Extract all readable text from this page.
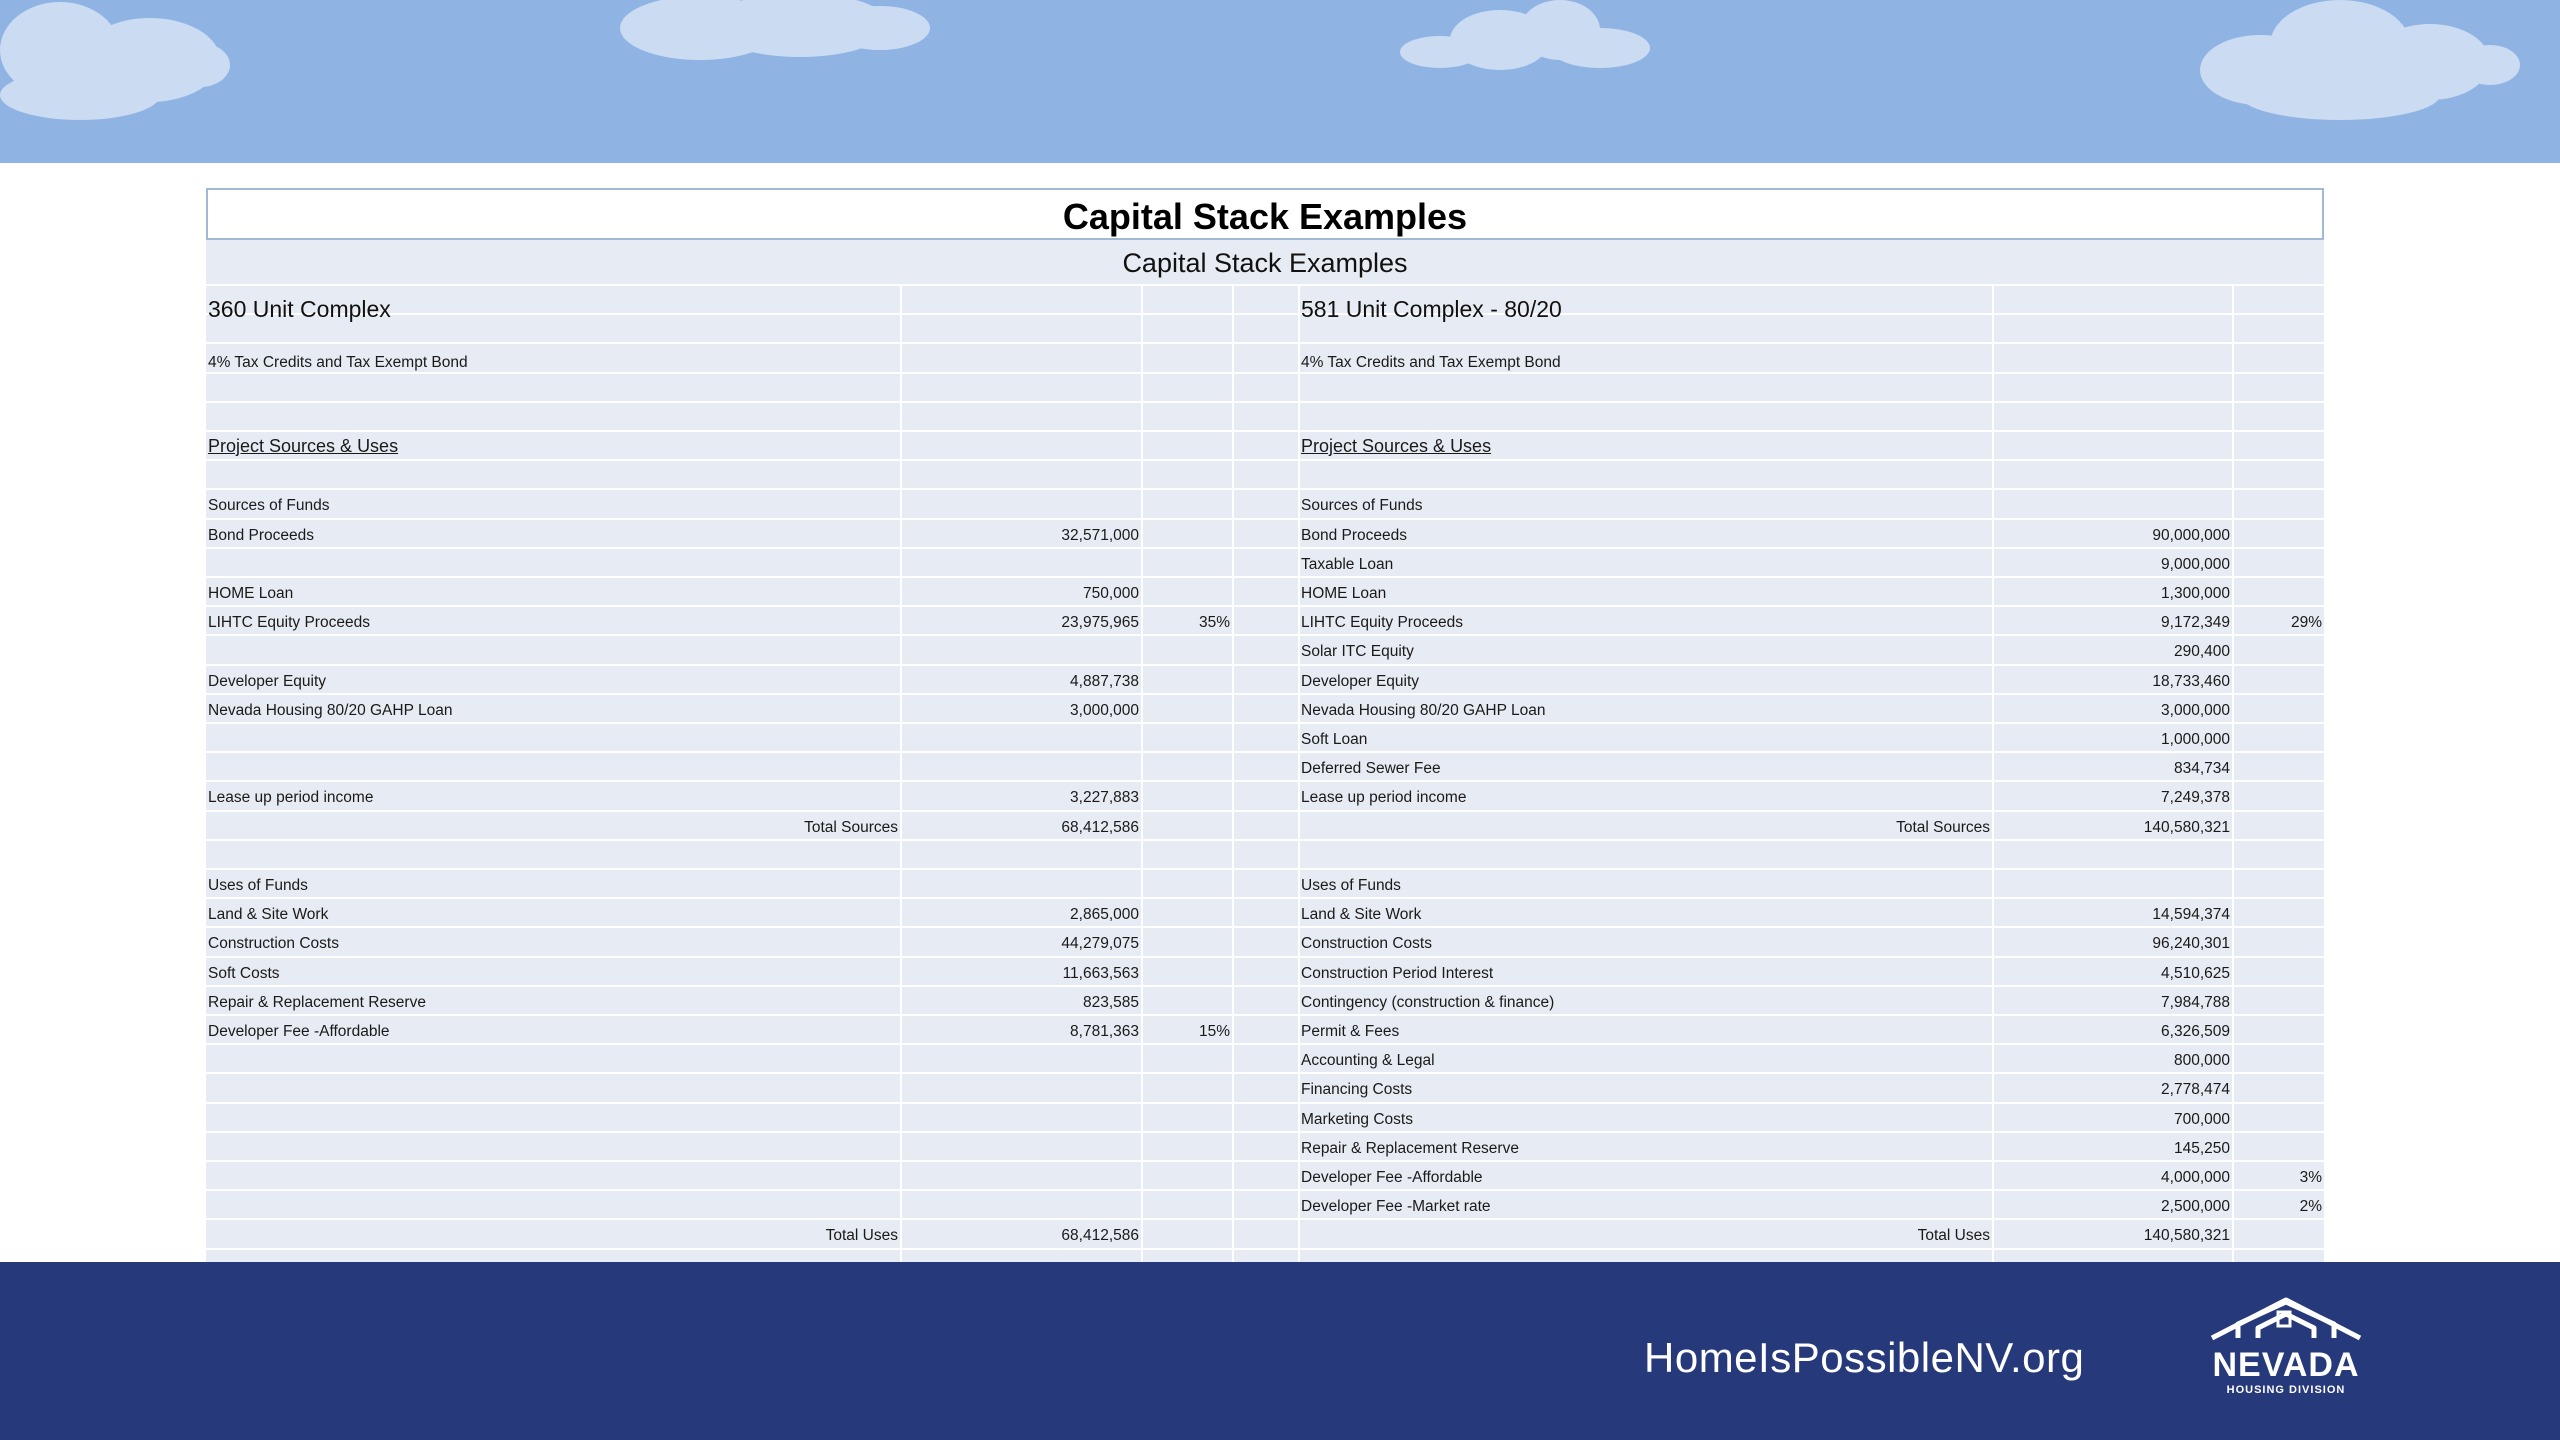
Capital Stack Examples
Capital Stack Examples
360 Unit Complex
4% Tax Credits and Tax Exempt Bond
Project Sources & Uses
Sources of Funds
Bond Proceeds	32,571,000
HOME Loan	750,000
LIHTC Equity Proceeds	23,975,965	35%
Developer Equity	4,887,738
Nevada Housing 80/20 GAHP Loan	3,000,000
Lease up period income	3,227,883
Total Sources	68,412,586
Uses of Funds
Land & Site Work	2,865,000
Construction Costs	44,279,075
Soft Costs	11,663,563
Repair & Replacement Reserve	823,585
Developer Fee -Affordable	8,781,363	15%
Total Uses	68,412,586
581 Unit Complex - 80/20
4% Tax Credits and Tax Exempt Bond
Project Sources & Uses
Sources of Funds
Bond Proceeds	90,000,000
Taxable Loan	9,000,000
HOME Loan	1,300,000
LIHTC Equity Proceeds	9,172,349	29%
Solar ITC Equity	290,400
Developer Equity	18,733,460
Nevada Housing 80/20 GAHP Loan	3,000,000
Soft Loan	1,000,000
Deferred Sewer Fee	834,734
Lease up period income	7,249,378
Total Sources	140,580,321
Uses of Funds
Land & Site Work	14,594,374
Construction Costs	96,240,301
Construction Period Interest	4,510,625
Contingency (construction & finance)	7,984,788
Permit & Fees	6,326,509
Accounting & Legal	800,000
Financing Costs	2,778,474
Marketing Costs	700,000
Repair & Replacement Reserve	145,250
Developer Fee -Affordable	4,000,000	3%
Developer Fee -Market rate	2,500,000	2%
Total Uses	140,580,321
HomeIsPossibleNV.org	NEVADA
HOUSING DIVISION
